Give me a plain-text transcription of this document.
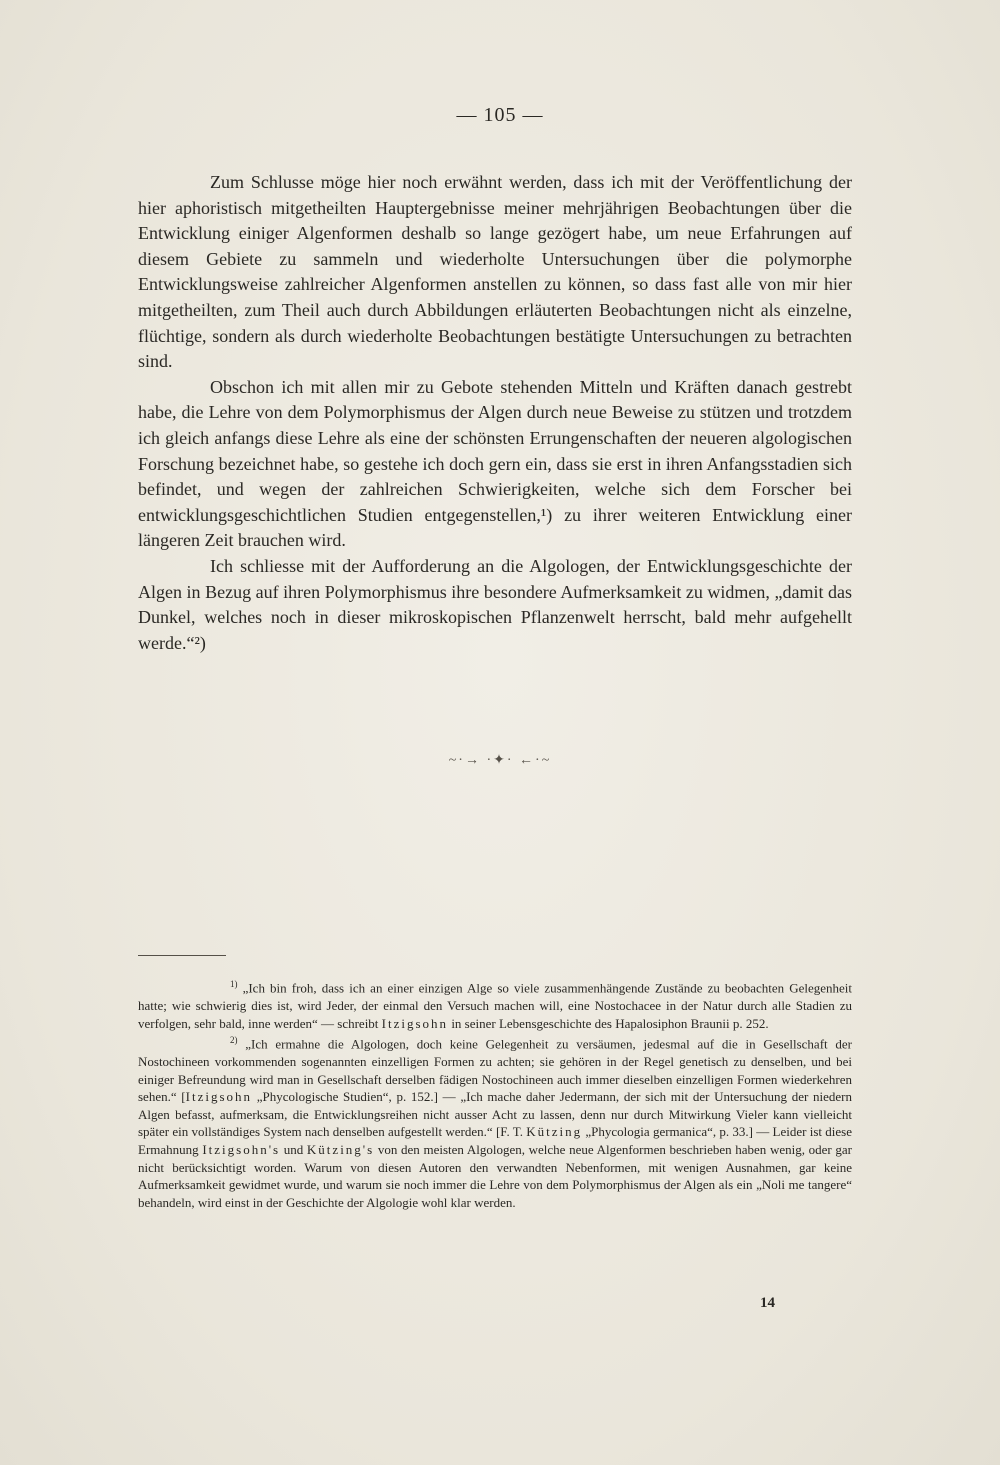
— 105 —

Zum Schlusse möge hier noch erwähnt werden, dass ich mit der Veröffentlichung der hier aphoristisch mitgetheilten Hauptergebnisse meiner mehrjährigen Beobachtungen über die Entwicklung einiger Algenformen deshalb so lange gezögert habe, um neue Erfahrungen auf diesem Gebiete zu sammeln und wiederholte Untersuchungen über die polymorphe Entwicklungsweise zahlreicher Algenformen anstellen zu können, so dass fast alle von mir hier mitgetheilten, zum Theil auch durch Abbildungen erläuterten Beobachtungen nicht als einzelne, flüchtige, sondern als durch wiederholte Beobachtungen bestätigte Untersuchungen zu betrachten sind.

Obschon ich mit allen mir zu Gebote stehenden Mitteln und Kräften danach gestrebt habe, die Lehre von dem Polymorphismus der Algen durch neue Beweise zu stützen und trotzdem ich gleich anfangs diese Lehre als eine der schönsten Errungenschaften der neueren algologischen Forschung bezeichnet habe, so gestehe ich doch gern ein, dass sie erst in ihren Anfangsstadien sich befindet, und wegen der zahlreichen Schwierigkeiten, welche sich dem Forscher bei entwicklungsgeschichtlichen Studien entgegenstellen,¹) zu ihrer weiteren Entwicklung einer längeren Zeit brauchen wird.

Ich schliesse mit der Aufforderung an die Algologen, der Entwicklungsgeschichte der Algen in Bezug auf ihren Polymorphismus ihre besondere Aufmerksamkeit zu widmen, „damit das Dunkel, welches noch in dieser mikroskopischen Pflanzenwelt herrscht, bald mehr aufgehellt werde.“²)

~·→ ·✦· ←·~

$^{1)}$ „Ich bin froh, dass ich an einer einzigen Alge so viele zusammenhängende Zustände zu beobachten Gelegenheit hatte; wie schwierig dies ist, wird Jeder, der einmal den Versuch machen will, eine Nostochacee in der Natur durch alle Stadien zu verfolgen, sehr bald, inne werden“ — schreibt Itzigsohn in seiner Lebensgeschichte des Hapalosiphon Braunii p. 252.

$^{2)}$ „Ich ermahne die Algologen, doch keine Gelegenheit zu versäumen, jedesmal auf die in Gesellschaft der Nostochineen vorkommenden sogenannten einzelligen Formen zu achten; sie gehören in der Regel genetisch zu denselben, und bei einiger Befreundung wird man in Gesellschaft derselben fädigen Nostochineen auch immer dieselben einzelligen Formen wiederkehren sehen.“ [Itzigsohn „Phycologische Studien“, p. 152.] — „Ich mache daher Jedermann, der sich mit der Untersuchung der niedern Algen befasst, aufmerksam, die Entwicklungsreihen nicht ausser Acht zu lassen, denn nur durch Mitwirkung Vieler kann vielleicht später ein vollständiges System nach denselben aufgestellt werden.“ [F. T. Kützing „Phycologia germanica“, p. 33.] — Leider ist diese Ermahnung Itzigsohn's und Kützing's von den meisten Algologen, welche neue Algenformen beschrieben haben wenig, oder gar nicht berücksichtigt worden. Warum von diesen Autoren den verwandten Nebenformen, mit wenigen Ausnahmen, gar keine Aufmerksamkeit gewidmet wurde, und warum sie noch immer die Lehre von dem Polymorphismus der Algen als ein „Noli me tangere“ behandeln, wird einst in der Geschichte der Algologie wohl klar werden.

14
